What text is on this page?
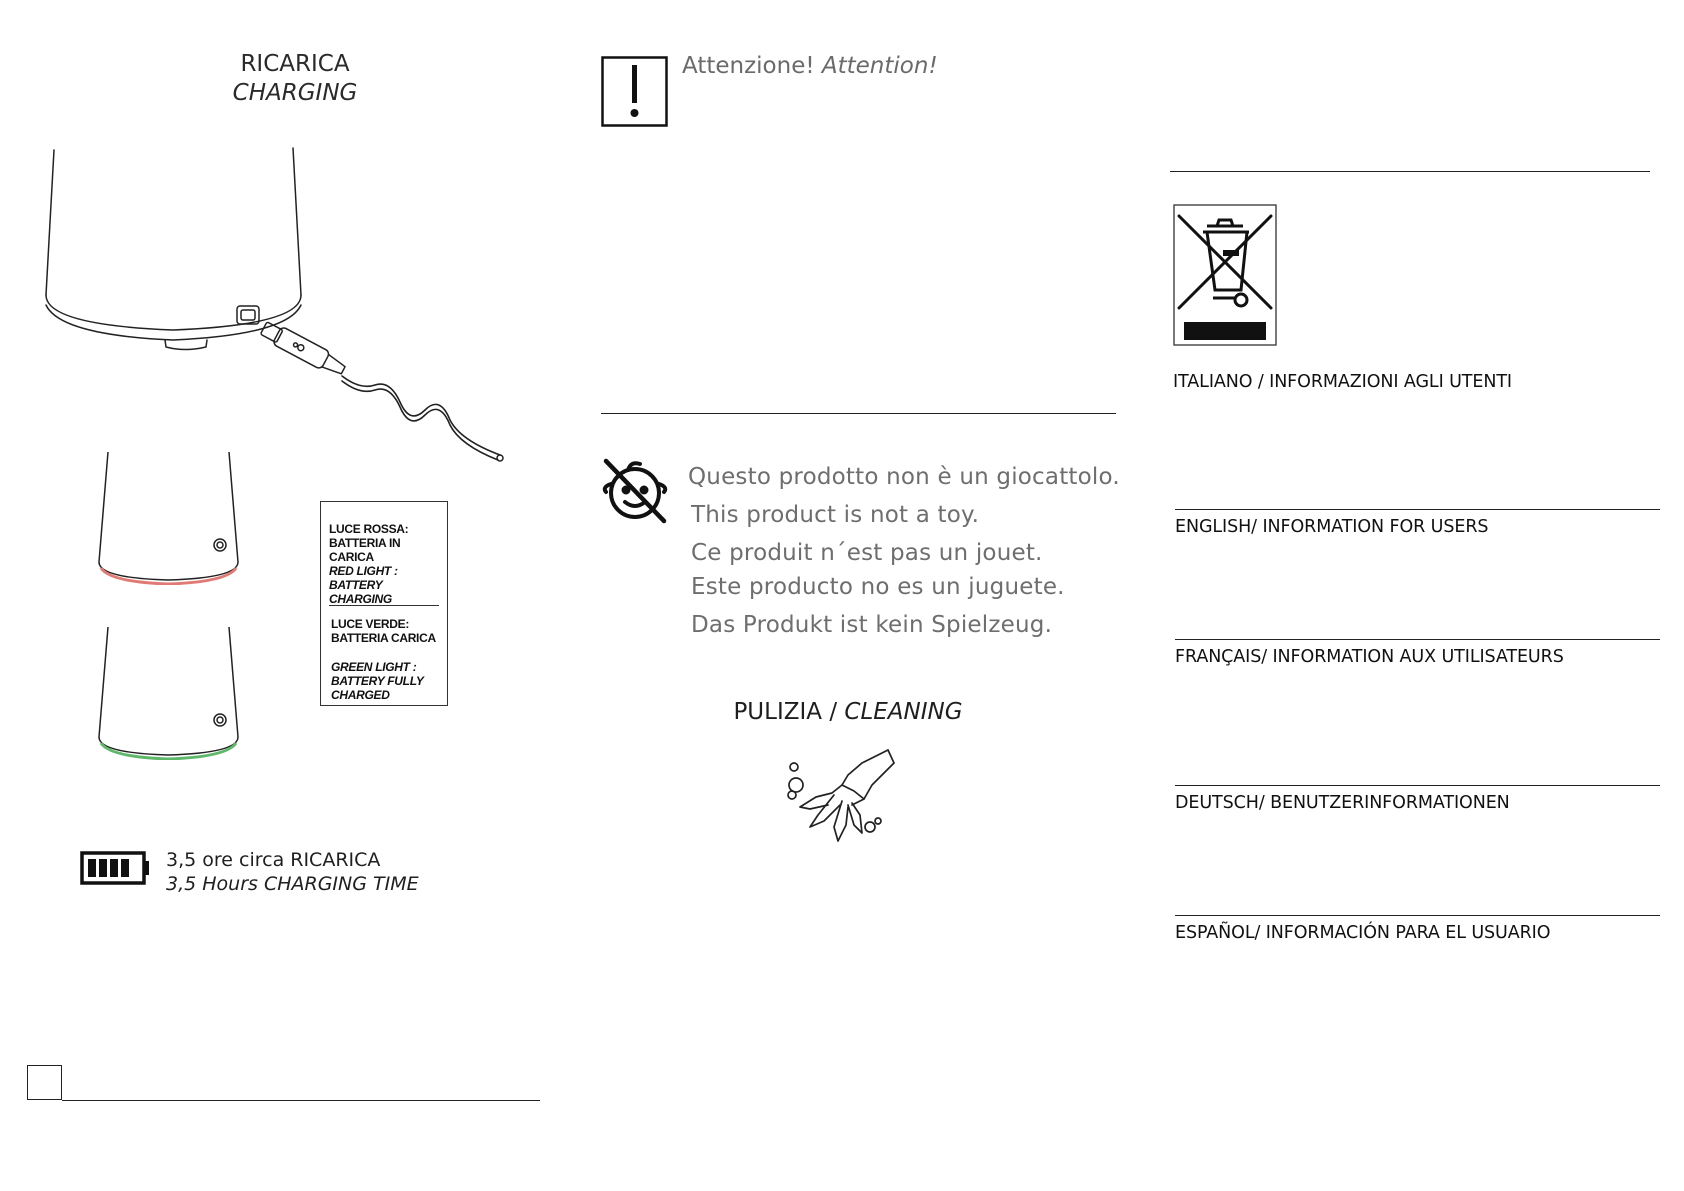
RICARICA
CHARGING
LUCE ROSSA:
BATTERIA IN CARICA
RED LIGHT :
BATTERY CHARGING
LUCE VERDE:
BATTERIA CARICA
GREEN LIGHT :
BATTERY FULLY
CHARGED
3,5 ore circa RICARICA
3,5 Hours CHARGING TIME
Attenzione! Attention!
Questo prodotto non è un giocattolo.
This product is not a toy.
Ce produit n´est pas un jouet.
Este producto no es un juguete.
Das Produkt ist kein Spielzeug.
PULIZIA / CLEANING
ITALIANO / INFORMAZIONI AGLI UTENTI
ENGLISH/ INFORMATION FOR USERS
FRANÇAIS/ INFORMATION AUX UTILISATEURS
DEUTSCH/ BENUTZERINFORMATIONEN
ESPAÑOL/ INFORMACIÓN PARA EL USUARIO
